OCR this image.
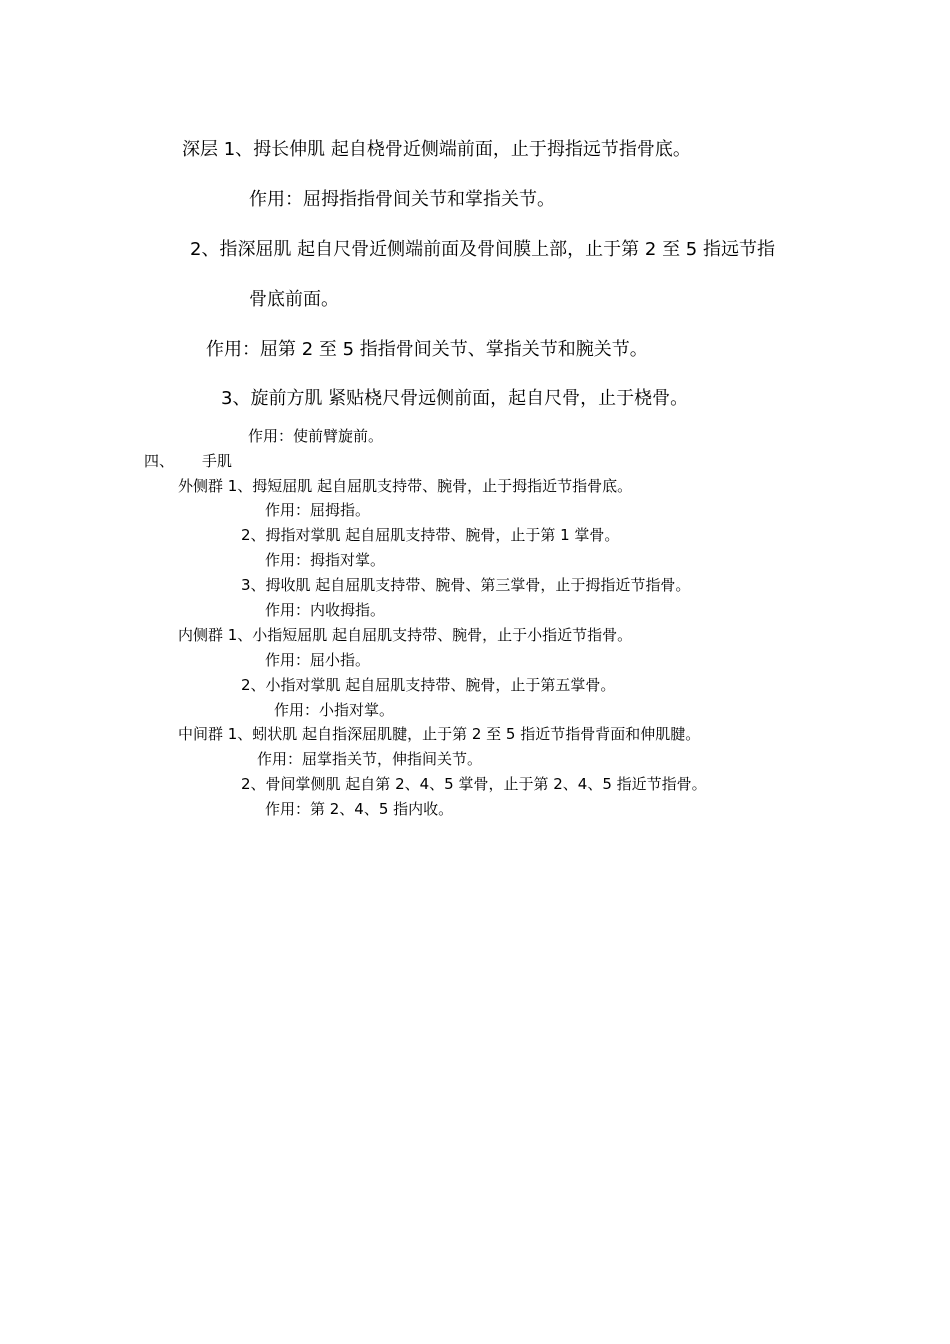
深层 1、拇长伸肌 起自桡骨近侧端前面，止于拇指远节指骨底。
作用：屈拇指指骨间关节和掌指关节。
2、指深屈肌 起自尺骨近侧端前面及骨间膜上部，止于第 2 至 5 指远节指
骨底前面。
作用：屈第 2 至 5 指指骨间关节、掌指关节和腕关节。
3、旋前方肌 紧贴桡尺骨远侧前面，起自尺骨，止于桡骨。
作用：使前臂旋前。
四、 手肌
外侧群 1、拇短屈肌 起自屈肌支持带、腕骨，止于拇指近节指骨底。
作用：屈拇指。
2、拇指对掌肌 起自屈肌支持带、腕骨，止于第 1 掌骨。
作用：拇指对掌。
3、拇收肌 起自屈肌支持带、腕骨、第三掌骨，止于拇指近节指骨。
作用：内收拇指。
内侧群 1、小指短屈肌 起自屈肌支持带、腕骨，止于小指近节指骨。
作用：屈小指。
2、小指对掌肌 起自屈肌支持带、腕骨，止于第五掌骨。
作用：小指对掌。
中间群 1、蚓状肌 起自指深屈肌腱，止于第 2 至 5 指近节指骨背面和伸肌腱。
作用：屈掌指关节，伸指间关节。
2、骨间掌侧肌 起自第 2、4、5 掌骨，止于第 2、4、5 指近节指骨。
作用：第 2、4、5 指内收。
